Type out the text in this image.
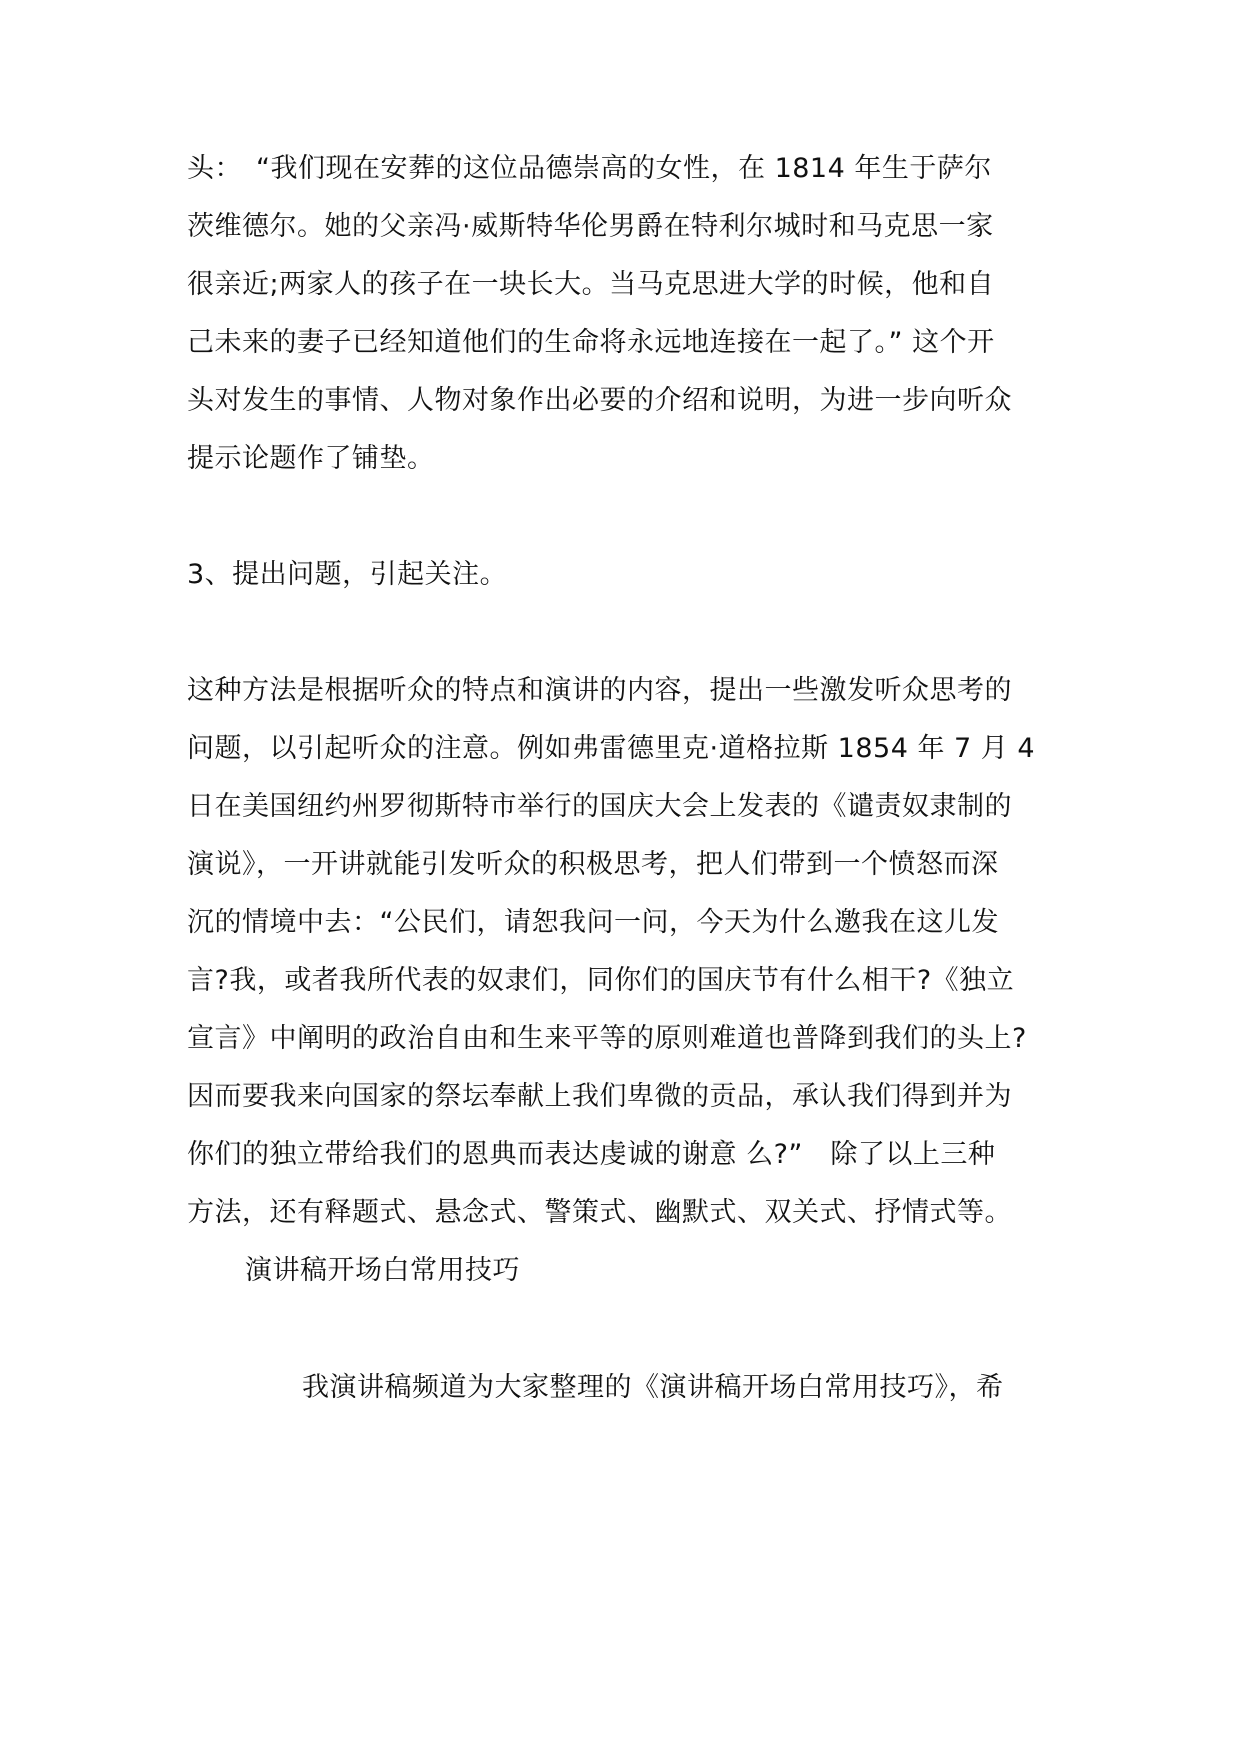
头：　“我们现在安葬的这位品德崇高的女性，在 1814 年生于萨尔
茨维德尔。她的父亲冯·威斯特华伦男爵在特利尔城时和马克思一家
很亲近;两家人的孩子在一块长大。当马克思进大学的时候，他和自
己未来的妻子已经知道他们的生命将永远地连接在一起了。” 这个开
头对发生的事情、人物对象作出必要的介绍和说明，为进一步向听众
提示论题作了铺垫。
3、提出问题，引起关注。
这种方法是根据听众的特点和演讲的内容，提出一些激发听众思考的
问题，以引起听众的注意。例如弗雷德里克·道格拉斯 1854 年 7 月 4
日在美国纽约州罗彻斯特市举行的国庆大会上发表的《谴责奴隶制的
演说》，一开讲就能引发听众的积极思考，把人们带到一个愤怒而深
沉的情境中去：“公民们，请恕我问一问，今天为什么邀我在这儿发
言?我，或者我所代表的奴隶们，同你们的国庆节有什么相干?《独立
宣言》中阐明的政治自由和生来平等的原则难道也普降到我们的头上?
因而要我来向国家的祭坛奉献上我们卑微的贡品，承认我们得到并为
你们的独立带给我们的恩典而表达虔诚的谢意 么?”　除了以上三种
方法，还有释题式、悬念式、警策式、幽默式、双关式、抒情式等。
演讲稿开场白常用技巧
我演讲稿频道为大家整理的《演讲稿开场白常用技巧》，希
